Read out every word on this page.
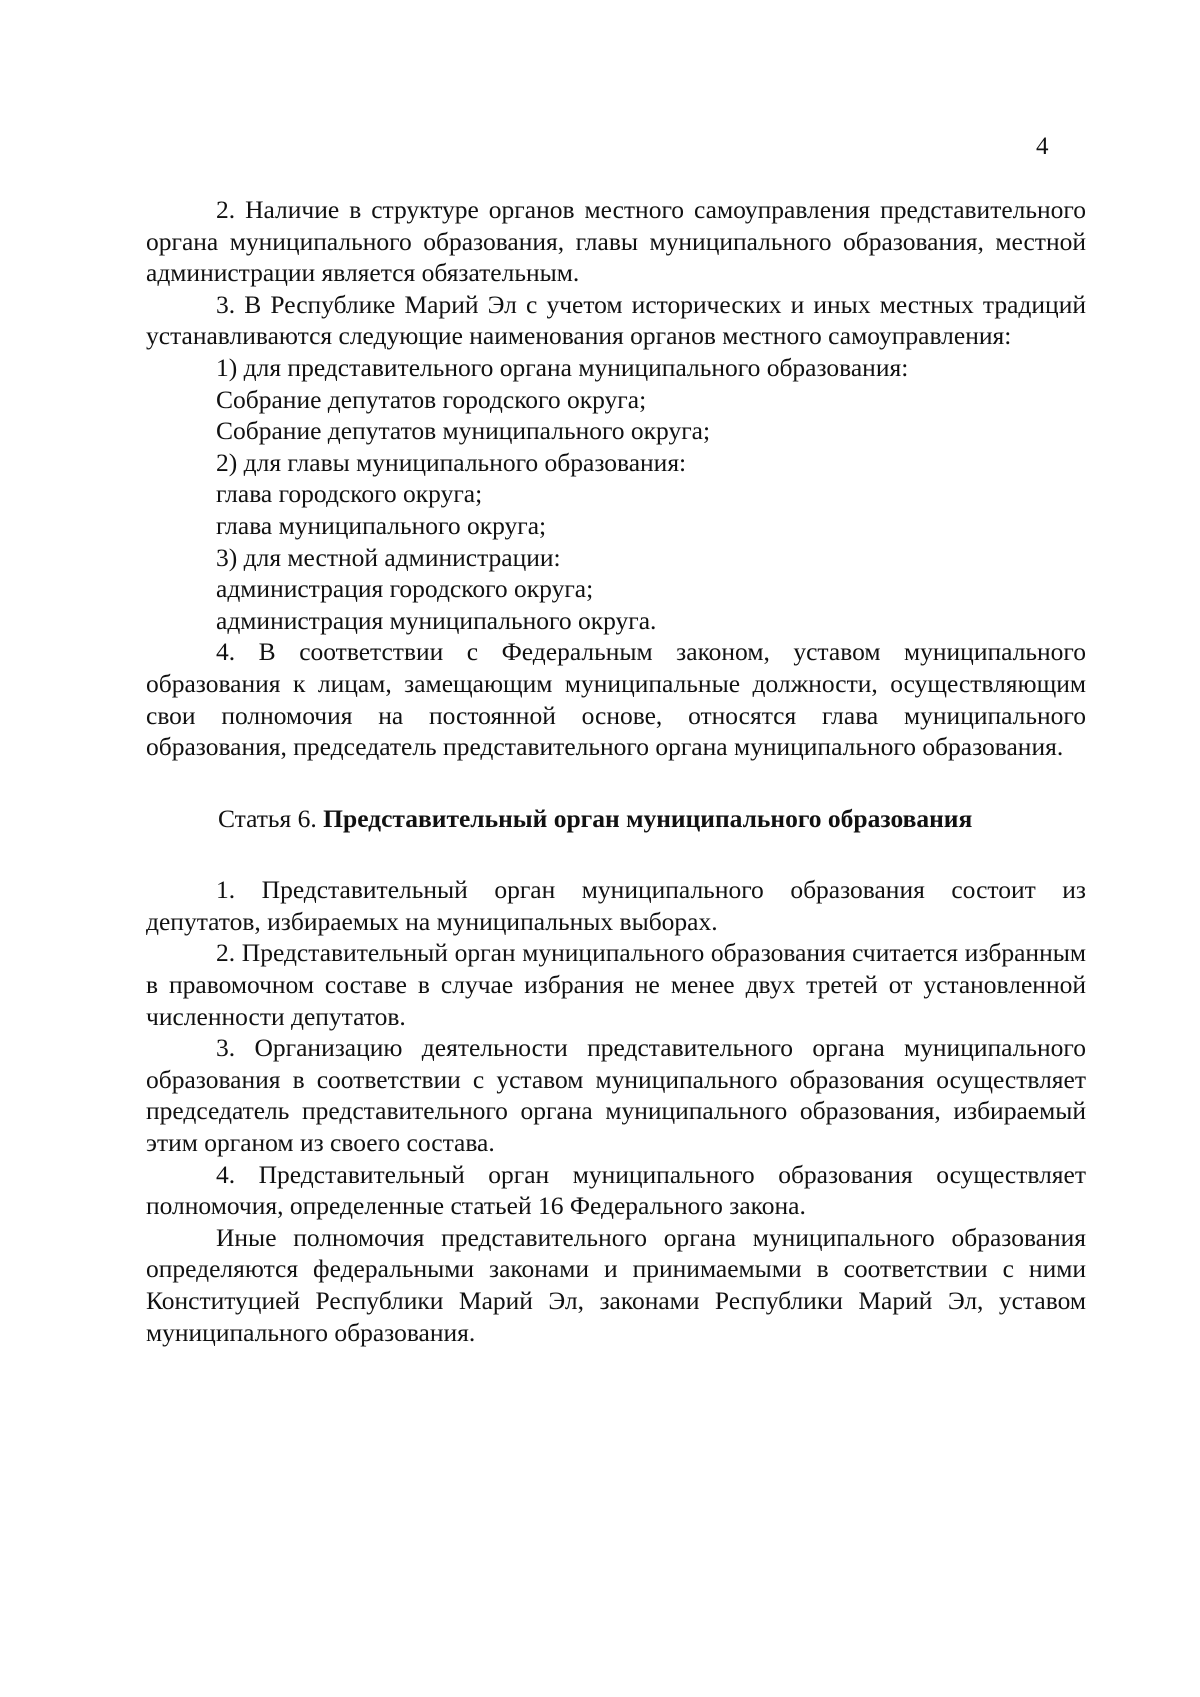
4

2. Наличие в структуре органов местного самоуправления представительного органа муниципального образования, главы муниципального образования, местной администрации является обязательным.

3. В Республике Марий Эл с учетом исторических и иных местных традиций устанавливаются следующие наименования органов местного самоуправления:

1) для представительного органа муниципального образования:

Собрание депутатов городского округа;

Собрание депутатов муниципального округа;

2) для главы муниципального образования:

глава городского округа;

глава муниципального округа;

3) для местной администрации:

администрация городского округа;

администрация муниципального округа.

4. В соответствии с Федеральным законом, уставом муниципального образования к лицам, замещающим муниципальные должности, осуществляющим свои полномочия на постоянной основе, относятся глава муниципального образования, председатель представительного органа муниципального образования.

Статья 6. Представительный орган муниципального образования

1. Представительный орган муниципального образования состоит из депутатов, избираемых на муниципальных выборах.

2. Представительный орган муниципального образования считается избранным в правомочном составе в случае избрания не менее двух третей от установленной численности депутатов.

3. Организацию деятельности представительного органа муниципального образования в соответствии с уставом муниципального образования осуществляет председатель представительного органа муниципального образования, избираемый этим органом из своего состава.

4. Представительный орган муниципального образования осуществляет полномочия, определенные статьей 16 Федерального закона.

Иные полномочия представительного органа муниципального образования определяются федеральными законами и принимаемыми в соответствии с ними Конституцией Республики Марий Эл, законами Республики Марий Эл, уставом муниципального образования.
